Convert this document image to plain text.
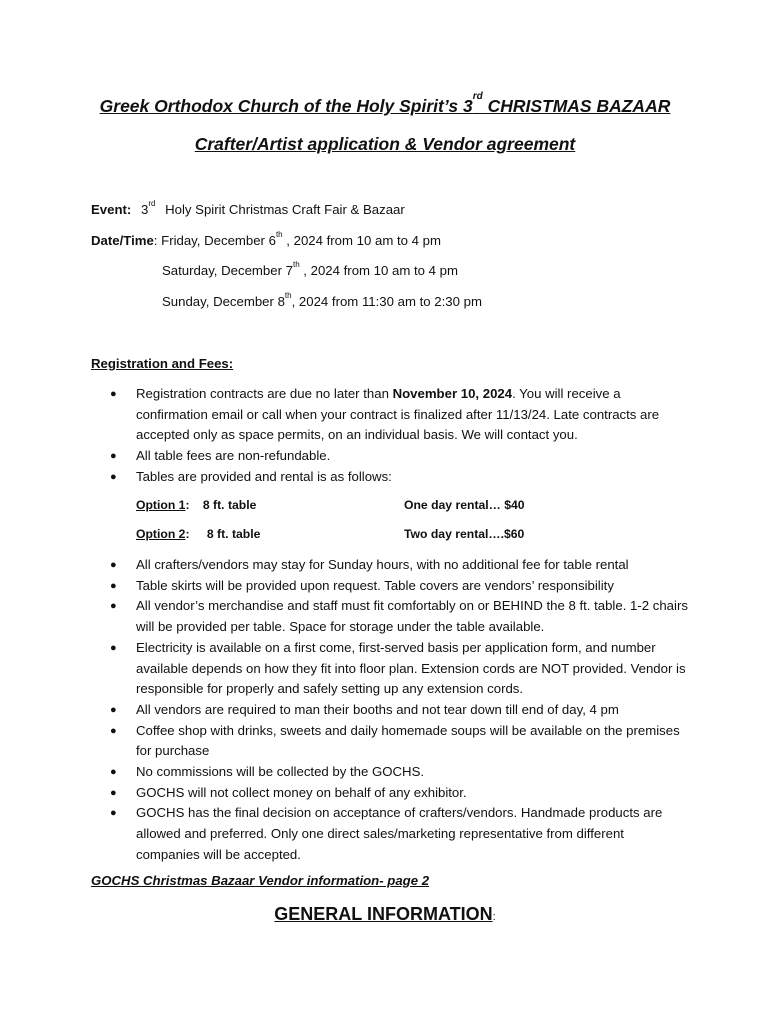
Greek Orthodox Church of the Holy Spirit’s 3rd CHRISTMAS BAZAAR
Crafter/Artist application & Vendor agreement
Event: 3rd Holy Spirit Christmas Craft Fair & Bazaar
Date/Time: Friday, December 6th , 2024 from 10 am to 4 pm
Saturday, December 7th , 2024 from 10 am to 4 pm
Sunday, December 8th, 2024 from 11:30 am to 2:30 pm
Registration and Fees:
● Registration contracts are due no later than November 10, 2024. You will receive a confirmation email or call when your contract is finalized after 11/13/24. Late contracts are accepted only as space permits, on an individual basis. We will contact you.
● All table fees are non-refundable.
● Tables are provided and rental is as follows:
Option 1: 8 ft. table	One day rental… $40
Option 2: 8 ft. table	Two day rental….$60
● All crafters/vendors may stay for Sunday hours, with no additional fee for table rental
● Table skirts will be provided upon request. Table covers are vendors’ responsibility
● All vendor’s merchandise and staff must fit comfortably on or BEHIND the 8 ft. table. 1-2 chairs will be provided per table. Space for storage under the table available.
● Electricity is available on a first come, first-served basis per application form, and number available depends on how they fit into floor plan. Extension cords are NOT provided. Vendor is responsible for properly and safely setting up any extension cords.
● All vendors are required to man their booths and not tear down till end of day, 4 pm
● Coffee shop with drinks, sweets and daily homemade soups will be available on the premises for purchase
● No commissions will be collected by the GOCHS.
● GOCHS will not collect money on behalf of any exhibitor.
● GOCHS has the final decision on acceptance of crafters/vendors. Handmade products are allowed and preferred. Only one direct sales/marketing representative from different companies will be accepted.
GOCHS Christmas Bazaar Vendor information- page 2
GENERAL INFORMATION:
